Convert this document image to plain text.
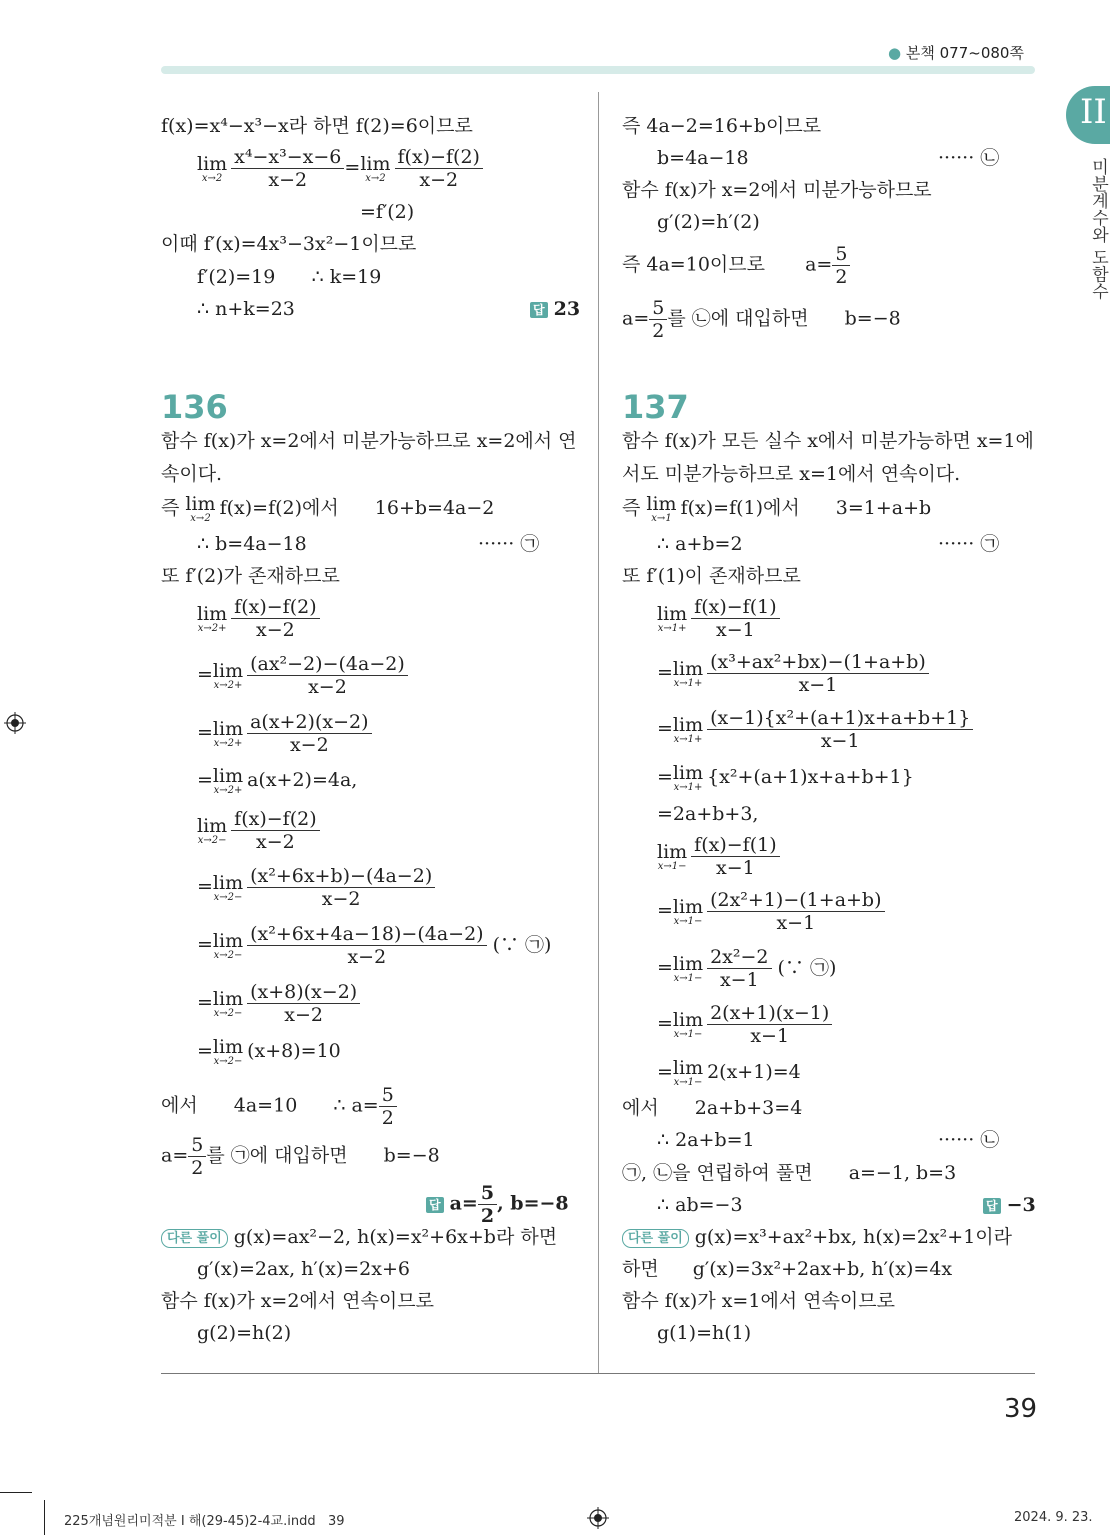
● 본책 077~080쪽
II
미분계수와 도함수
f(x)=x⁴−x³−x라 하면 f(2)=6이므로
lim
$x\to 2 \frac{\text{x⁴−x³−x−6}}{x-2} = \lim$
$x\to 2 \frac{f(x)-f(2)}{x-2}$
=f′(2)
이때 f′(x)=4x³−3x²−1이므로
f′(2)=19      ∴ k=19
∴ n+k=23	답 23
즉 4a−2=16+b이므로
b=4a−18	······ ㉡
함수 f(x)가 x=2에서 미분가능하므로
g′(2)=h′(2)
즉 4a=10이므로 $a= \frac{5}{2}$
$a= \frac{5}{2}$ 를 ㉡에 대입하면 b=−8
136
함수 f(x)가 x=2에서 미분가능하므로 x=2에서 연
속이다.
즉 lim
x→2 f(x)=f(2)에서 16+b=4a−2
∴ b=4a−18	······ ㉠
또 f′(2)가 존재하므로
lim
$x\to 2+ \frac{f(x)-f(2)}{x-2}$
= lim
$x\to 2+ \frac{\text{(ax²−2)−(4a−2)}}{x-2}$
= lim
$x\to 2+ \frac{a(x+2)(x-2)}{x-2}$
= lim
x→2+ a(x+2)=4a,
lim
$x\to 2- \frac{f(x)-f(2)}{x-2}$
= lim
$x\to 2- \frac{\text{(x²+6x+b)−(4a−2)}}{x-2}$
= lim
$x\to 2- \frac{\text{(x²+6x+4a−18)−(4a−2)}}{x-2}$ (∵ ㉠)
= lim
$x\to 2- \frac{(x+8)(x-2)}{x-2}$
= lim
x→2− (x+8)=10
에서 4a=10 ∴ $a= \frac{5}{2}$
$a= \frac{5}{2}$ 를 ㉠에 대입하면 b=−8
답 $a= \frac{5}{2}$ , b=−8
다른 풀이 g(x)=ax²−2, h(x)=x²+6x+b라 하면
g′(x)=2ax, h′(x)=2x+6
함수 f(x)가 x=2에서 연속이므로
g(2)=h(2)
137
함수 f(x)가 모든 실수 x에서 미분가능하면 x=1에
서도 미분가능하므로 x=1에서 연속이다.
즉 lim
x→1 f(x)=f(1)에서 3=1+a+b
∴ a+b=2	······ ㉠
또 f′(1)이 존재하므로
lim
$x\to 1+ \frac{f(x)-f(1)}{x-1}$
= lim
$x\to 1+ \frac{\text{(x³+ax²+bx)−(1+a+b)}}{x-1}$
= lim
$x\to 1+ \frac{\text{(x−1)\{x²+(a+1)x+a+b+1\}}}{x-1}$
= lim
x→1+ {x²+(a+1)x+a+b+1}
=2a+b+3,
lim
$x\to 1- \frac{f(x)-f(1)}{x-1}$
= lim
$x\to 1- \frac{\text{(2x²+1)−(1+a+b)}}{x-1}$
= lim
$x\to 1- \frac{\text{2x²−2}}{x-1}$ (∵ ㉠)
= lim
$x\to 1- \frac{2(x+1)(x-1)}{x-1}$
= lim
x→1− 2(x+1)=4
에서 2a+b+3=4
∴ 2a+b=1	······ ㉡
㉠, ㉡을 연립하여 풀면 a=−1, b=3
∴ ab=−3	답 −3
다른 풀이 g(x)=x³+ax²+bx, h(x)=2x²+1이라
하면 g′(x)=3x²+2ax+b, h′(x)=4x
함수 f(x)가 x=1에서 연속이므로
g(1)=h(1)
39
225개념원리미적분 I 해(29-45)2-4교.indd   39	2024. 9. 23.
